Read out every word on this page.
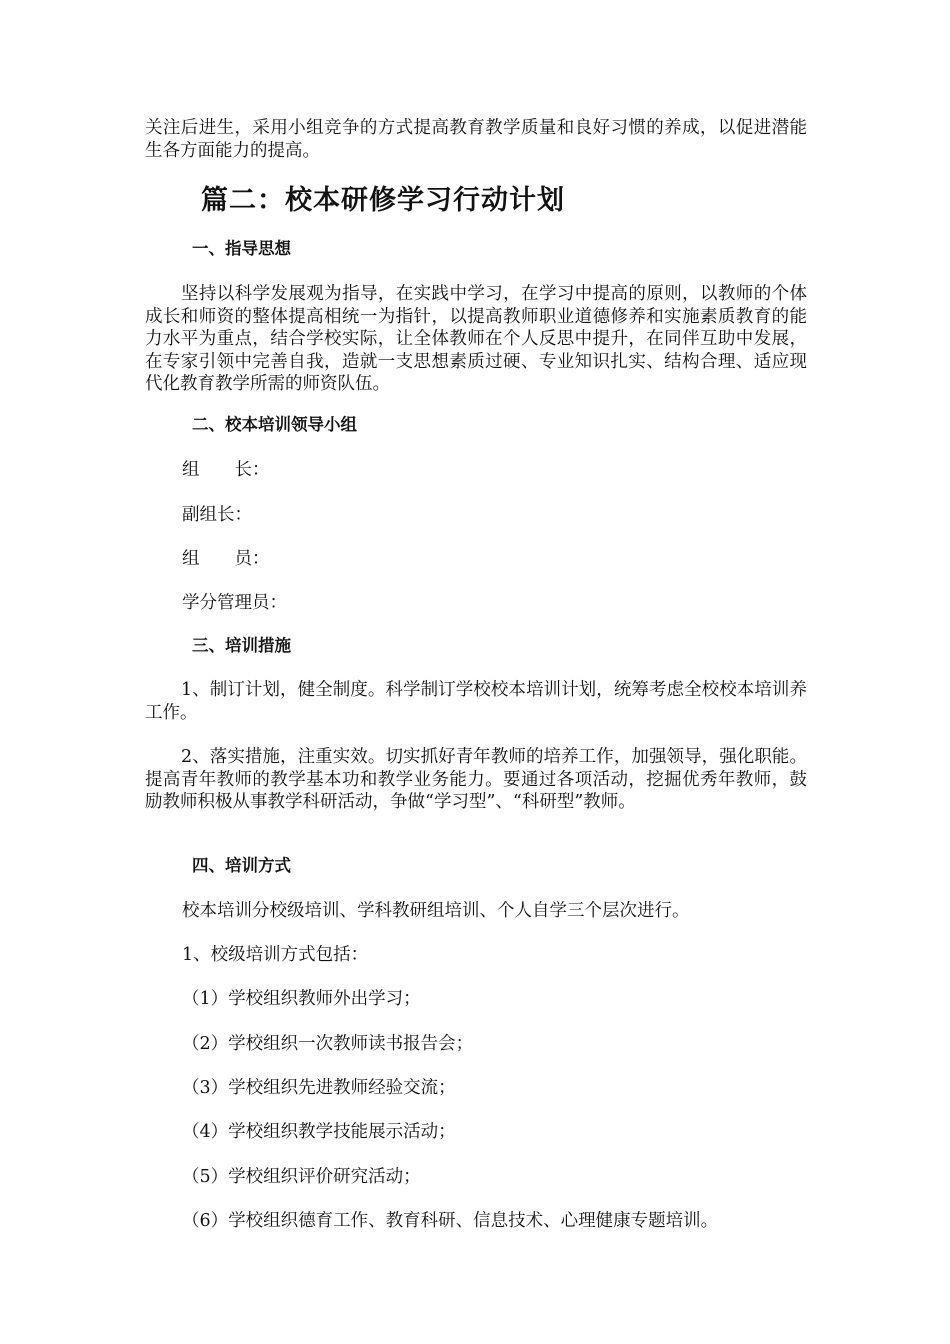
关注后进生，采用小组竞争的方式提高教育教学质量和良好习惯的养成，以促进潜能生各方面能力的提高。

篇二：校本研修学习行动计划
一、指导思想

坚持以科学发展观为指导，在实践中学习，在学习中提高的原则，以教师的个体成长和师资的整体提高相统一为指针，以提高教师职业道德修养和实施素质教育的能力水平为重点，结合学校实际，让全体教师在个人反思中提升，在同伴互助中发展，在专家引领中完善自我，造就一支思想素质过硬、专业知识扎实、结构合理、适应现代化教育教学所需的师资队伍。

二、校本培训领导小组

组　　长：

副组长：

组　　员：

学分管理员：

三、培训措施

1、制订计划，健全制度。科学制订学校校本培训计划，统筹考虑全校校本培训养工作。

2、落实措施，注重实效。切实抓好青年教师的培养工作，加强领导，强化职能。提高青年教师的教学基本功和教学业务能力。要通过各项活动，挖掘优秀年教师，鼓励教师积极从事教学科研活动，争做“学习型”、“科研型”教师。

四、培训方式

校本培训分校级培训、学科教研组培训、个人自学三个层次进行。

1、校级培训方式包括：

（1）学校组织教师外出学习；

（2）学校组织一次教师读书报告会；

（3）学校组织先进教师经验交流；

（4）学校组织教学技能展示活动；

（5）学校组织评价研究活动；

（6）学校组织德育工作、教育科研、信息技术、心理健康专题培训。
